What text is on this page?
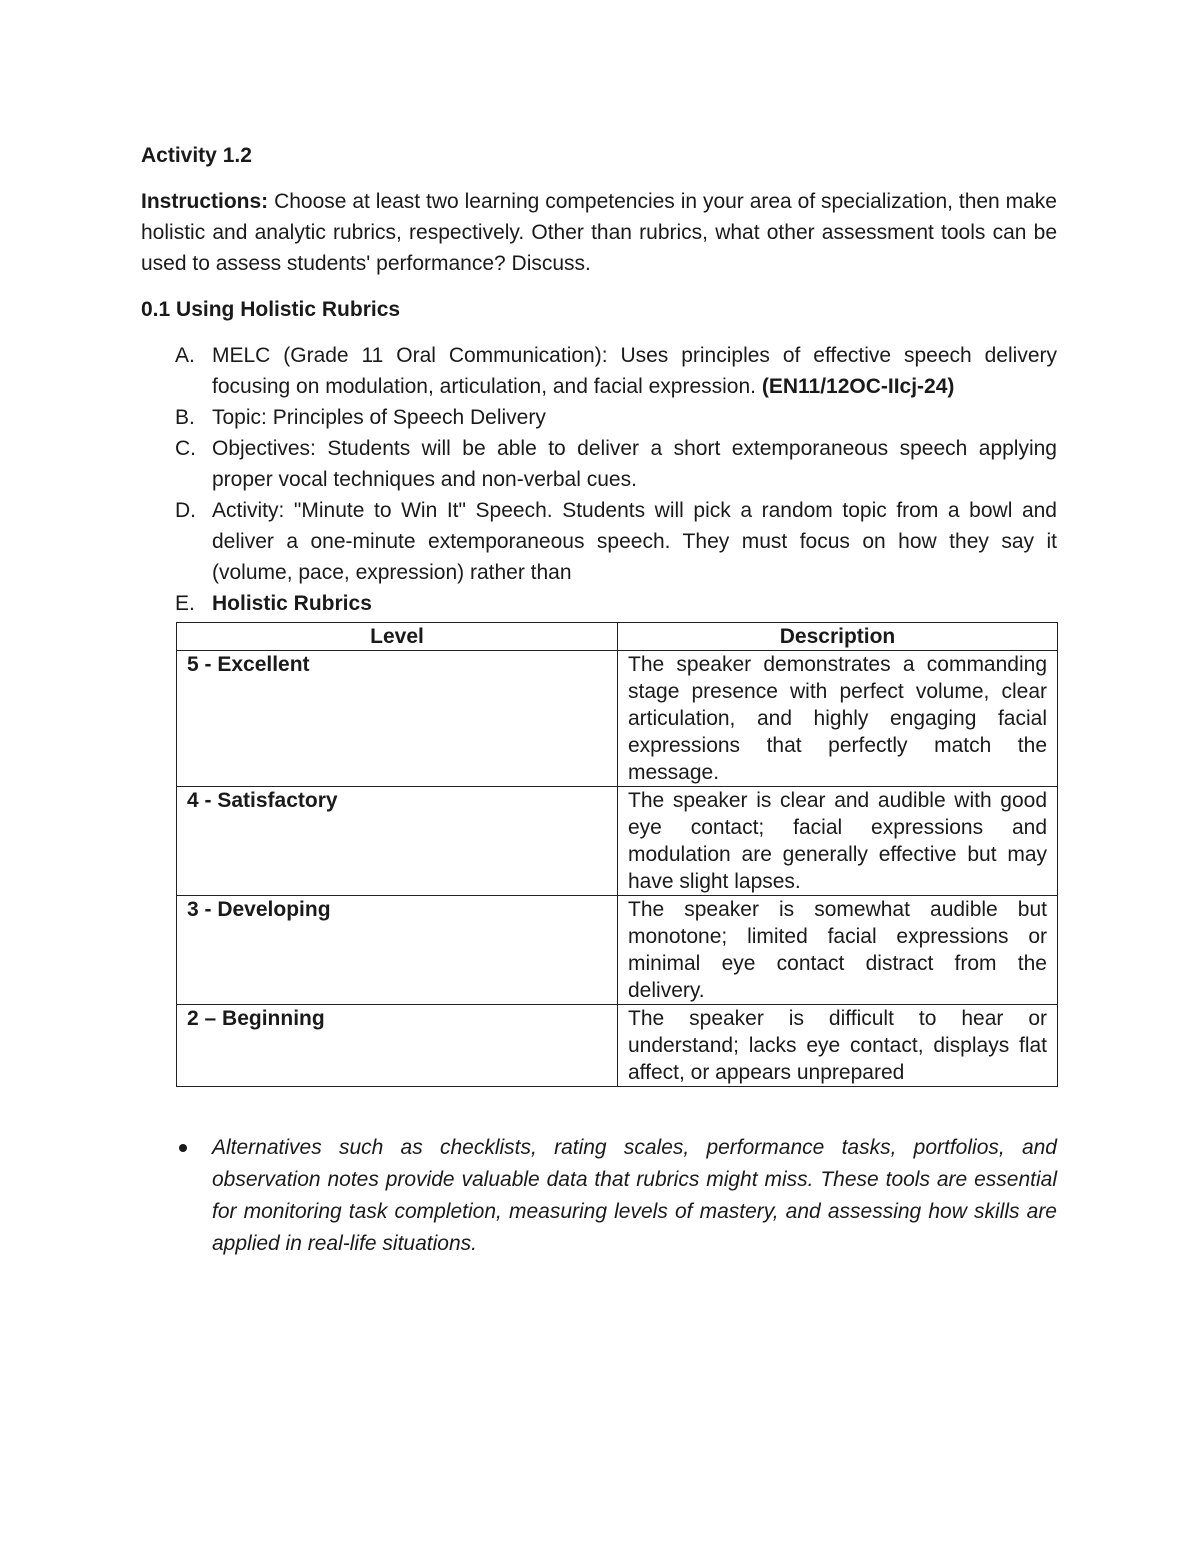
Activity 1.2
Instructions: Choose at least two learning competencies in your area of specialization, then make holistic and analytic rubrics, respectively. Other than rubrics, what other assessment tools can be used to assess students' performance? Discuss.
0.1 Using Holistic Rubrics
A. MELC (Grade 11 Oral Communication): Uses principles of effective speech delivery focusing on modulation, articulation, and facial expression. (EN11/12OC-IIcj-24)
B. Topic: Principles of Speech Delivery
C. Objectives: Students will be able to deliver a short extemporaneous speech applying proper vocal techniques and non-verbal cues.
D. Activity: "Minute to Win It" Speech. Students will pick a random topic from a bowl and deliver a one-minute extemporaneous speech. They must focus on how they say it (volume, pace, expression) rather than
E. Holistic Rubrics
Level	Description
5 - Excellent	The speaker demonstrates a commanding stage presence with perfect volume, clear articulation, and highly engaging facial expressions that perfectly match the message.
4 - Satisfactory	The speaker is clear and audible with good eye contact; facial expressions and modulation are generally effective but may have slight lapses.
3 - Developing	The speaker is somewhat audible but monotone; limited facial expressions or minimal eye contact distract from the delivery.
2 – Beginning	The speaker is difficult to hear or understand; lacks eye contact, displays flat affect, or appears unprepared
Alternatives such as checklists, rating scales, performance tasks, portfolios, and observation notes provide valuable data that rubrics might miss. These tools are essential for monitoring task completion, measuring levels of mastery, and assessing how skills are applied in real-life situations.
